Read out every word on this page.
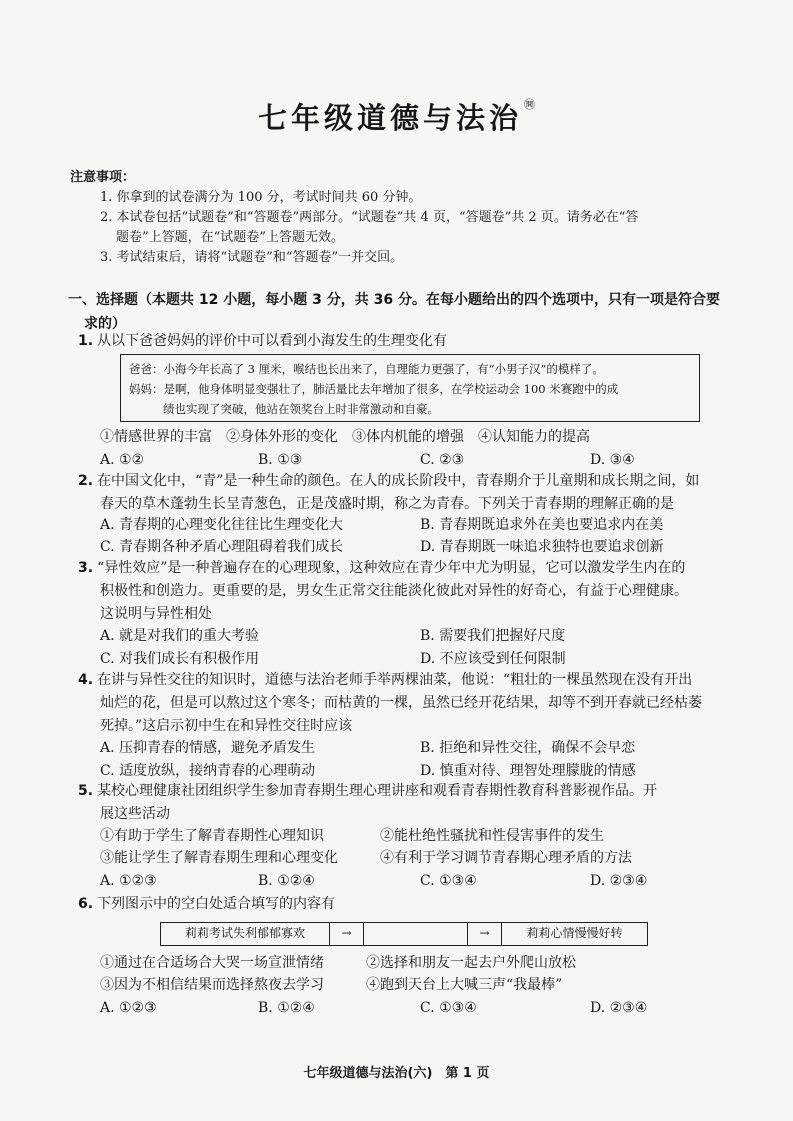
七年级道德与法治 ㉄
注意事项：
1. 你拿到的试卷满分为 100 分，考试时间共 60 分钟。
2. 本试卷包括“试题卷”和“答题卷”两部分。“试题卷”共 4 页，“答题卷”共 2 页。请务必在“答
题卷”上答题，在“试题卷”上答题无效。
3. 考试结束后，请将“试题卷”和“答题卷”一并交回。
一、选择题（本题共 12 小题，每小题 3 分，共 36 分。在每小题给出的四个选项中，只有一项是符合要
求的）
1. 从以下爸爸妈妈的评价中可以看到小海发生的生理变化有
爸爸：小海今年长高了 3 厘米，喉结也长出来了，自理能力更强了，有“小男子汉”的模样了。
妈妈：是啊，他身体明显变强壮了，肺活量比去年增加了很多，在学校运动会 100 米赛跑中的成
绩也实现了突破，他站在领奖台上时非常激动和自豪。
①情感世界的丰富　②身体外形的变化　③体内机能的增强　④认知能力的提高
A. ①②	B. ①③	C. ②③	D. ③④
2. 在中国文化中，“青”是一种生命的颜色。在人的成长阶段中，青春期介于儿童期和成长期之间，如
春天的草木蓬勃生长呈青葱色，正是茂盛时期，称之为青春。下列关于青春期的理解正确的是
A. 青春期的心理变化往往比生理变化大	B. 青春期既追求外在美也要追求内在美
C. 青春期各种矛盾心理阻碍着我们成长	D. 青春期既一味追求独特也要追求创新
3. “异性效应”是一种普遍存在的心理现象，这种效应在青少年中尤为明显，它可以激发学生内在的
积极性和创造力。更重要的是，男女生正常交往能淡化彼此对异性的好奇心，有益于心理健康。
这说明与异性相处
A. 就是对我们的重大考验	B. 需要我们把握好尺度
C. 对我们成长有积极作用	D. 不应该受到任何限制
4. 在讲与异性交往的知识时，道德与法治老师手举两棵油菜，他说：“粗壮的一棵虽然现在没有开出
灿烂的花，但是可以熬过这个寒冬；而枯黄的一棵，虽然已经开花结果，却等不到开春就已经枯萎
死掉。”这启示初中生在和异性交往时应该
A. 压抑青春的情感，避免矛盾发生	B. 拒绝和异性交往，确保不会早恋
C. 适度放纵，接纳青春的心理萌动	D. 慎重对待、理智处理朦胧的情感
5. 某校心理健康社团组织学生参加青春期生理心理讲座和观看青春期性教育科普影视作品。开
展这些活动
①有助于学生了解青春期性心理知识	②能杜绝性骚扰和性侵害事件的发生
③能让学生了解青春期生理和心理变化	④有利于学习调节青春期心理矛盾的方法
A. ①②③	B. ①②④	C. ①③④	D. ②③④
6. 下列图示中的空白处适合填写的内容有
莉莉考试失利郁郁寡欢	→	→	莉莉心情慢慢好转
①通过在合适场合大哭一场宣泄情绪	②选择和朋友一起去户外爬山放松
③因为不相信结果而选择熬夜去学习	④跑到天台上大喊三声“我最棒”
A. ①②③	B. ①②④	C. ①③④	D. ②③④
七年级道德与法治(六)　第 1 页
